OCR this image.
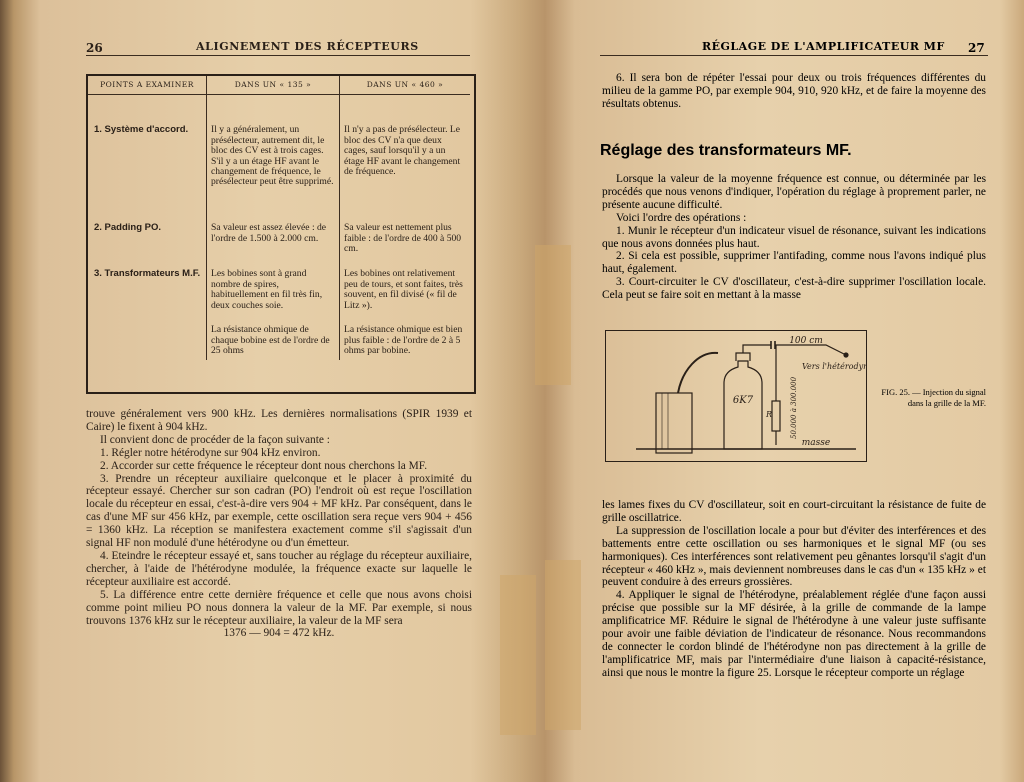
26	ALIGNEMENT DES RÉCEPTEURS
POINTS A EXAMINER	DANS UN « 135 »	DANS UN « 460 »
1. Système d'accord.	Il y a généralement, un présélecteur, autrement dit, le bloc des CV est à trois cages. S'il y a un étage HF avant le changement de fréquence, le présélecteur peut être supprimé.	Il n'y a pas de présélecteur. Le bloc des CV n'a que deux cages, sauf lorsqu'il y a un étage HF avant le changement de fréquence.
2. Padding PO.	Sa valeur est assez élevée : de l'ordre de 1.500 à 2.000 cm.	Sa valeur est nettement plus faible : de l'ordre de 400 à 500 cm.
3. Transformateurs M.F.	Les bobines sont à grand nombre de spires, habituellement en fil très fin, deux couches soie.	Les bobines ont relativement peu de tours, et sont faites, très souvent, en fil divisé (« fil de Litz »).
	La résistance ohmique de chaque bobine est de l'ordre de 25 ohms	La résistance ohmique est bien plus faible : de l'ordre de 2 à 5 ohms par bobine.

trouve généralement vers 900 kHz. Les dernières normalisations (SPIR 1939 et Caire) le fixent à 904 kHz.

Il convient donc de procéder de la façon suivante :

1. Régler notre hétérodyne sur 904 kHz environ.

2. Accorder sur cette fréquence le récepteur dont nous cherchons la MF.

3. Prendre un récepteur auxiliaire quelconque et le placer à proximité du récepteur essayé. Chercher sur son cadran (PO) l'endroit où est reçue l'oscillation locale du récepteur en essai, c'est-à-dire vers 904 + MF kHz. Par conséquent, dans le cas d'une MF sur 456 kHz, par exemple, cette oscillation sera reçue vers 904 + 456 = 1360 kHz. La réception se manifestera exactement comme s'il s'agissait d'un signal HF non modulé d'une hétérodyne ou d'un émetteur.

4. Eteindre le récepteur essayé et, sans toucher au réglage du récepteur auxiliaire, chercher, à l'aide de l'hétérodyne modulée, la fréquence exacte sur laquelle le récepteur auxiliaire est accordé.

5. La différence entre cette dernière fréquence et celle que nous avons choisi comme point milieu PO nous donnera la valeur de la MF. Par exemple, si nous trouvons 1376 kHz sur le récepteur auxiliaire, la valeur de la MF sera

1376 — 904 = 472 kHz.

27
RÉGLAGE DE L'AMPLIFICATEUR MF

6. Il sera bon de répéter l'essai pour deux ou trois fréquences différentes du milieu de la gamme PO, par exemple 904, 910, 920 kHz, et de faire la moyenne des résultats obtenus.

Réglage des transformateurs MF.

Lorsque la valeur de la moyenne fréquence est connue, ou déterminée par les procédés que nous venons d'indiquer, l'opération du réglage à proprement parler, ne présente aucune difficulté.

Voici l'ordre des opérations :

1. Munir le récepteur d'un indicateur visuel de résonance, suivant les indications que nous avons données plus haut.

2. Si cela est possible, supprimer l'antifading, comme nous l'avons indiqué plus haut, également.

3. Court-circuiter le CV d'oscillateur, c'est-à-dire supprimer l'oscillation locale. Cela peut se faire soit en mettant à la masse

100 cm
6K7
R	50.000 à 300.000
Vers l'hétérodyne
masse
FIG. 25. — Injection du signal dans la grille de la MF.

les lames fixes du CV d'oscillateur, soit en court-circuitant la résistance de fuite de grille oscillatrice.

La suppression de l'oscillation locale a pour but d'éviter des interférences et des battements entre cette oscillation ou ses harmoniques et le signal MF (ou ses harmoniques). Ces interférences sont relativement peu gênantes lorsqu'il s'agit d'un récepteur « 460 kHz », mais deviennent nombreuses dans le cas d'un « 135 kHz » et peuvent conduire à des erreurs grossières.

4. Appliquer le signal de l'hétérodyne, préalablement réglée d'une façon aussi précise que possible sur la MF désirée, à la grille de commande de la lampe amplificatrice MF. Réduire le signal de l'hétérodyne à une valeur juste suffisante pour avoir une faible déviation de l'indicateur de résonance. Nous recommandons de connecter le cordon blindé de l'hétérodyne non pas directement à la grille de l'amplificatrice MF, mais par l'intermédiaire d'une liaison à capacité-résistance, ainsi que nous le montre la figure 25. Lorsque le récepteur comporte un réglage
